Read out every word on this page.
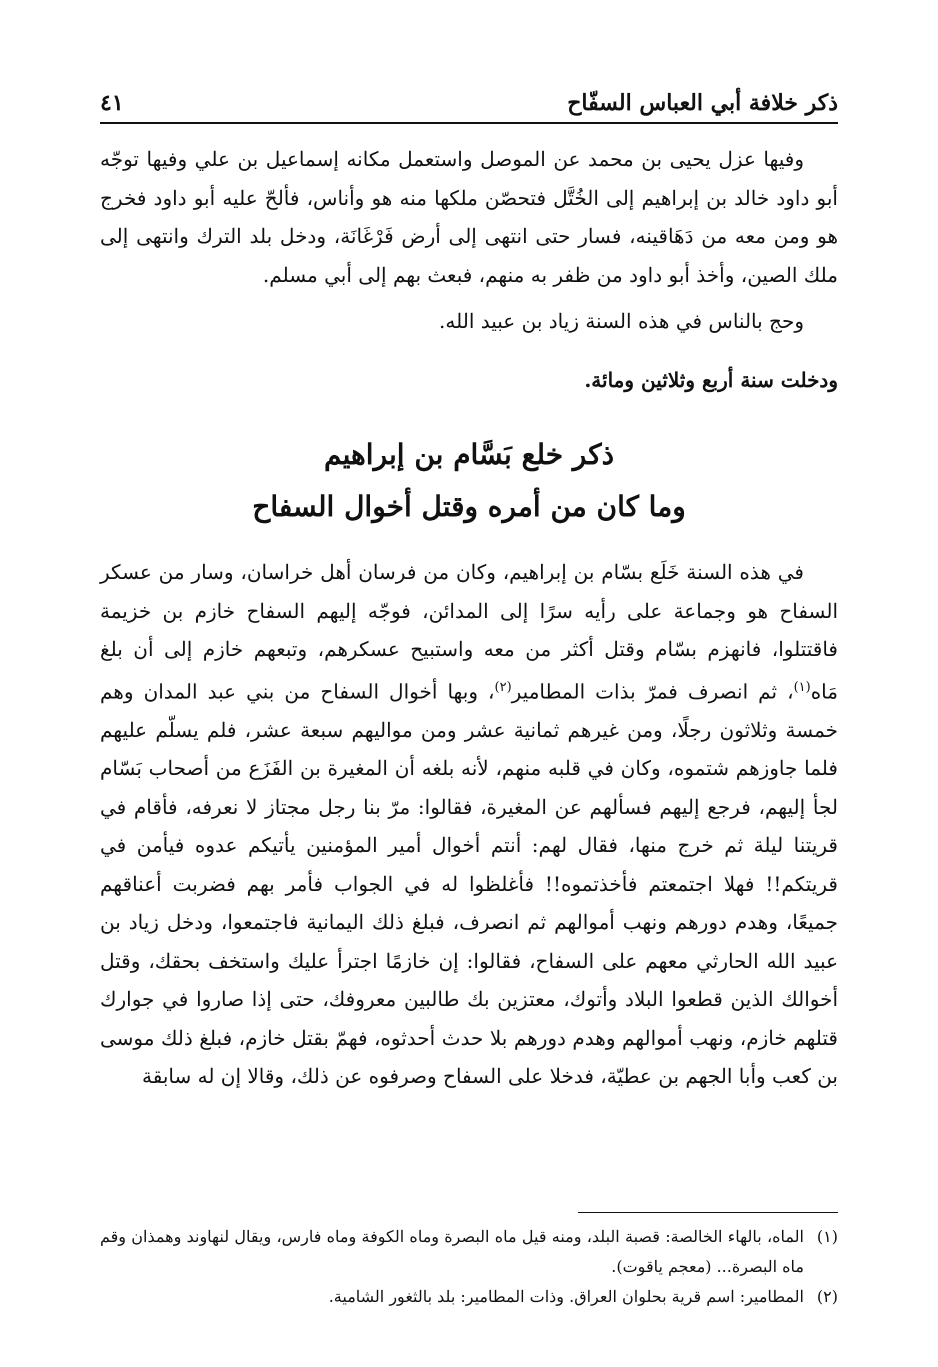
ذكر خلافة أبي العباس السفّاح
٤١

وفيها عزل يحيى بن محمد عن الموصل واستعمل مكانه إسماعيل بن علي وفيها توجّه أبو داود خالد بن إبراهيم إلى الخُتَّل فتحصّن ملكها منه هو وأناس، فألحّ عليه أبو داود فخرج هو ومن معه من دَهَاقينه، فسار حتى انتهى إلى أرض فَرْغَانَة، ودخل بلد الترك وانتهى إلى ملك الصين، وأخذ أبو داود من ظفر به منهم، فبعث بهم إلى أبي مسلم.

وحج بالناس في هذه السنة زياد بن عبيد الله.

ودخلت سنة أربع وثلاثين ومائة.

ذكر خلع بَسَّام بن إبراهيم
وما كان من أمره وقتل أخوال السفاح

في هذه السنة خَلَع بسّام بن إبراهيم، وكان من فرسان أهل خراسان، وسار من عسكر السفاح هو وجماعة على رأيه سرًا إلى المدائن، فوجّه إليهم السفاح خازم بن خزيمة فاقتتلوا، فانهزم بسّام وقتل أكثر من معه واستبيح عسكرهم، وتبعهم خازم إلى أن بلغ مَاه$^{(١)}$، ثم انصرف فمرّ بذات المطامير$^{(٢)}$، وبها أخوال السفاح من بني عبد المدان وهم خمسة وثلاثون رجلًا، ومن غيرهم ثمانية عشر ومن مواليهم سبعة عشر، فلم يسلّم عليهم فلما جاوزهم شتموه، وكان في قلبه منهم، لأنه بلغه أن المغيرة بن الفَزَع من أصحاب بَسّام لجأ إليهم، فرجع إليهم فسألهم عن المغيرة، فقالوا: مرّ بنا رجل مجتاز لا نعرفه، فأقام في قريتنا ليلة ثم خرج منها، فقال لهم: أنتم أخوال أمير المؤمنين يأتيكم عدوه فيأمن في قريتكم!! فهلا اجتمعتم فأخذتموه!! فأغلظوا له في الجواب فأمر بهم فضربت أعناقهم جميعًا، وهدم دورهم ونهب أموالهم ثم انصرف، فبلغ ذلك اليمانية فاجتمعوا، ودخل زياد بن عبيد الله الحارثي معهم على السفاح، فقالوا: إن خازمًا اجترأ عليك واستخف بحقك، وقتل أخوالك الذين قطعوا البلاد وأتوك، معتزين بك طالبين معروفك، حتى إذا صاروا في جوارك قتلهم خازم، ونهب أموالهم وهدم دورهم بلا حدث أحدثوه، فهمّ بقتل خازم، فبلغ ذلك موسى بن كعب وأبا الجهم بن عطيّة، فدخلا على السفاح وصرفوه عن ذلك، وقالا إن له سابقة

(١)
الماه، بالهاء الخالصة: قصبة البلد، ومنه قيل ماه البصرة وماه الكوفة وماه فارس، ويقال لنهاوند وهمذان وقم ماه البصرة... (معجم ياقوت).
(٢)
المطامير: اسم قرية بحلوان العراق. وذات المطامير: بلد بالثغور الشامية.
